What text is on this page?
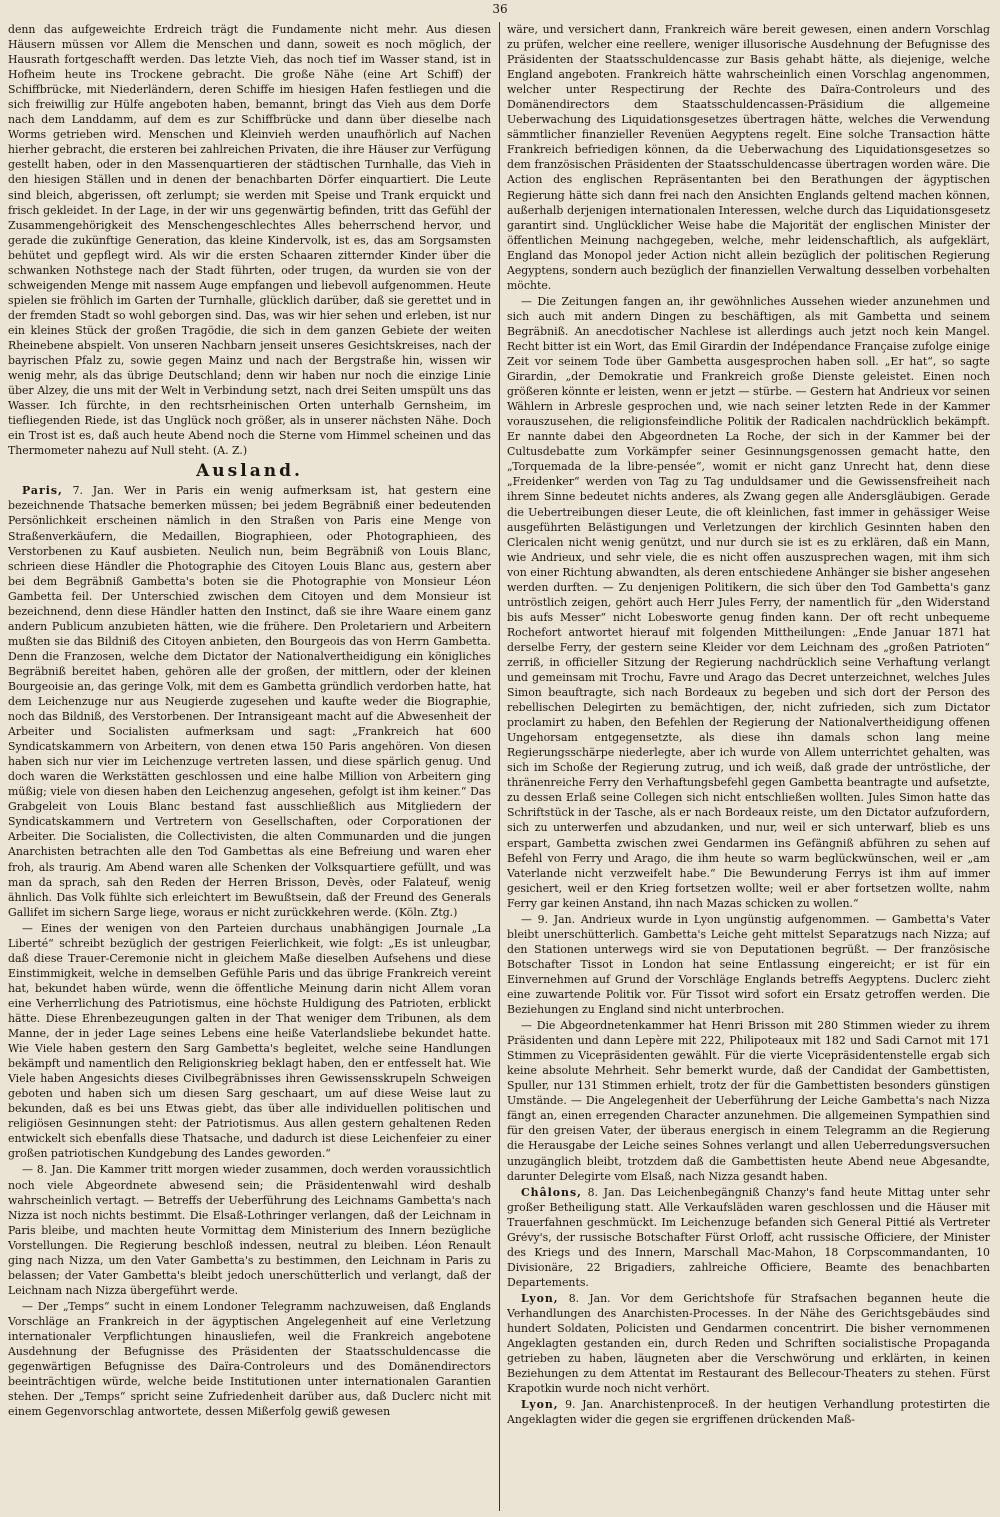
36

denn das aufgeweichte Erdreich trägt die Fundamente nicht mehr. Aus diesen Häusern müssen vor Allem die Menschen und dann, soweit es noch möglich, der Hausrath fortgeschafft werden. Das letzte Vieh, das noch tief im Wasser stand, ist in Hofheim heute ins Trockene gebracht. Die große Nähe (eine Art Schiff) der Schiffbrücke, mit Niederländern, deren Schiffe im hiesigen Hafen festliegen und die sich freiwillig zur Hülfe angeboten haben, bemannt, bringt das Vieh aus dem Dorfe nach dem Landdamm, auf dem es zur Schiffbrücke und dann über dieselbe nach Worms getrieben wird. Menschen und Kleinvieh werden unaufhörlich auf Nachen hierher gebracht, die ersteren bei zahlreichen Privaten, die ihre Häuser zur Verfügung gestellt haben, oder in den Massenquartieren der städtischen Turnhalle, das Vieh in den hiesigen Ställen und in denen der benachbarten Dörfer einquartiert. Die Leute sind bleich, abgerissen, oft zerlumpt; sie werden mit Speise und Trank erquickt und frisch gekleidet. In der Lage, in der wir uns gegenwärtig befinden, tritt das Gefühl der Zusammengehörigkeit des Menschengeschlechtes Alles beherrschend hervor, und gerade die zukünftige Generation, das kleine Kindervolk, ist es, das am Sorgsamsten behütet und gepflegt wird. Als wir die ersten Schaaren zitternder Kinder über die schwanken Nothstege nach der Stadt führten, oder trugen, da wurden sie von der schweigenden Menge mit nassem Auge empfangen und liebevoll aufgenommen. Heute spielen sie fröhlich im Garten der Turnhalle, glücklich darüber, daß sie gerettet und in der fremden Stadt so wohl geborgen sind. Das, was wir hier sehen und erleben, ist nur ein kleines Stück der großen Tragödie, die sich in dem ganzen Gebiete der weiten Rheinebene abspielt. Von unseren Nachbarn jenseit unseres Gesichtskreises, nach der bayrischen Pfalz zu, sowie gegen Mainz und nach der Bergstraße hin, wissen wir wenig mehr, als das übrige Deutschland; denn wir haben nur noch die einzige Linie über Alzey, die uns mit der Welt in Verbindung setzt, nach drei Seiten umspült uns das Wasser. Ich fürchte, in den rechtsrheinischen Orten unterhalb Gernsheim, im tiefliegenden Riede, ist das Unglück noch größer, als in unserer nächsten Nähe. Doch ein Trost ist es, daß auch heute Abend noch die Sterne vom Himmel scheinen und das Thermometer nahezu auf Null steht. (A. Z.)

Ausland.

Paris, 7. Jan. Wer in Paris ein wenig aufmerksam ist, hat gestern eine bezeichnende Thatsache bemerken müssen; bei jedem Begräbniß einer bedeutenden Persönlichkeit erscheinen nämlich in den Straßen von Paris eine Menge von Straßenverkäufern, die Medaillen, Biographieen, oder Photographieen, des Verstorbenen zu Kauf ausbieten. Neulich nun, beim Begräbniß von Louis Blanc, schrieen diese Händler die Photographie des Citoyen Louis Blanc aus, gestern aber bei dem Begräbniß Gambetta's boten sie die Photographie von Monsieur Léon Gambetta feil. Der Unterschied zwischen dem Citoyen und dem Monsieur ist bezeichnend, denn diese Händler hatten den Instinct, daß sie ihre Waare einem ganz andern Publicum anzubieten hätten, wie die frühere. Den Proletariern und Arbeitern mußten sie das Bildniß des Citoyen anbieten, den Bourgeois das von Herrn Gambetta. Denn die Franzosen, welche dem Dictator der Nationalvertheidigung ein königliches Begräbniß bereitet haben, gehören alle der großen, der mittlern, oder der kleinen Bourgeoisie an, das geringe Volk, mit dem es Gambetta gründlich verdorben hatte, hat dem Leichenzuge nur aus Neugierde zugesehen und kaufte weder die Biographie, noch das Bildniß, des Verstorbenen. Der Intransigeant macht auf die Abwesenheit der Arbeiter und Socialisten aufmerksam und sagt: „Frankreich hat 600 Syndicatskammern von Arbeitern, von denen etwa 150 Paris angehören. Von diesen haben sich nur vier im Leichenzuge vertreten lassen, und diese spärlich genug. Und doch waren die Werkstätten geschlossen und eine halbe Million von Arbeitern ging müßig; viele von diesen haben den Leichenzug angesehen, gefolgt ist ihm keiner.“ Das Grabgeleit von Louis Blanc bestand fast ausschließlich aus Mitgliedern der Syndicatskammern und Vertretern von Gesellschaften, oder Corporationen der Arbeiter. Die Socialisten, die Collectivisten, die alten Communarden und die jungen Anarchisten betrachten alle den Tod Gambettas als eine Befreiung und waren eher froh, als traurig. Am Abend waren alle Schenken der Volksquartiere gefüllt, und was man da sprach, sah den Reden der Herren Brisson, Devès, oder Falateuf, wenig ähnlich. Das Volk fühlte sich erleichtert im Bewußtsein, daß der Freund des Generals Gallifet im sichern Sarge liege, woraus er nicht zurückkehren werde. (Köln. Ztg.)

— Eines der wenigen von den Parteien durchaus unabhängigen Journale „La Liberté“ schreibt bezüglich der gestrigen Feierlichkeit, wie folgt: „Es ist unleugbar, daß diese Trauer-Ceremonie nicht in gleichem Maße dieselben Aufsehens und diese Einstimmigkeit, welche in demselben Gefühle Paris und das übrige Frankreich vereint hat, bekundet haben würde, wenn die öffentliche Meinung darin nicht Allem voran eine Verherrlichung des Patriotismus, eine höchste Huldigung des Patrioten, erblickt hätte. Diese Ehrenbezeugungen galten in der That weniger dem Tribunen, als dem Manne, der in jeder Lage seines Lebens eine heiße Vaterlandsliebe bekundet hatte. Wie Viele haben gestern den Sarg Gambetta's begleitet, welche seine Handlungen bekämpft und namentlich den Religionskrieg beklagt haben, den er entfesselt hat. Wie Viele haben Angesichts dieses Civilbegräbnisses ihren Gewissensskrupeln Schweigen geboten und haben sich um diesen Sarg geschaart, um auf diese Weise laut zu bekunden, daß es bei uns Etwas giebt, das über alle individuellen politischen und religiösen Gesinnungen steht: der Patriotismus. Aus allen gestern gehaltenen Reden entwickelt sich ebenfalls diese Thatsache, und dadurch ist diese Leichenfeier zu einer großen patriotischen Kundgebung des Landes geworden.“

— 8. Jan. Die Kammer tritt morgen wieder zusammen, doch werden voraussichtlich noch viele Abgeordnete abwesend sein; die Präsidentenwahl wird deshalb wahrscheinlich vertagt. — Betreffs der Ueberführung des Leichnams Gambetta's nach Nizza ist noch nichts bestimmt. Die Elsaß-Lothringer verlangen, daß der Leichnam in Paris bleibe, und machten heute Vormittag dem Ministerium des Innern bezügliche Vorstellungen. Die Regierung beschloß indessen, neutral zu bleiben. Léon Renault ging nach Nizza, um den Vater Gambetta's zu bestimmen, den Leichnam in Paris zu belassen; der Vater Gambetta's bleibt jedoch unerschütterlich und verlangt, daß der Leichnam nach Nizza übergeführt werde.

— Der „Temps“ sucht in einem Londoner Telegramm nachzuweisen, daß Englands Vorschläge an Frankreich in der ägyptischen Angelegenheit auf eine Verletzung internationaler Verpflichtungen hinausliefen, weil die Frankreich angebotene Ausdehnung der Befugnisse des Präsidenten der Staatsschuldencasse die gegenwärtigen Befugnisse des Daïra-Controleurs und des Domänendirectors beeinträchtigen würde, welche beide Institutionen unter internationalen Garantien stehen. Der „Temps“ spricht seine Zufriedenheit darüber aus, daß Duclerc nicht mit einem Gegenvorschlag antwortete, dessen Mißerfolg gewiß gewesen

wäre, und versichert dann, Frankreich wäre bereit gewesen, einen andern Vorschlag zu prüfen, welcher eine reellere, weniger illusorische Ausdehnung der Befugnisse des Präsidenten der Staatsschuldencasse zur Basis gehabt hätte, als diejenige, welche England angeboten. Frankreich hätte wahrscheinlich einen Vorschlag angenommen, welcher unter Respectirung der Rechte des Daïra-Controleurs und des Domänendirectors dem Staatsschuldencassen-Präsidium die allgemeine Ueberwachung des Liquidationsgesetzes übertragen hätte, welches die Verwendung sämmtlicher finanzieller Revenüen Aegyptens regelt. Eine solche Transaction hätte Frankreich befriedigen können, da die Ueberwachung des Liquidationsgesetzes so dem französischen Präsidenten der Staatsschuldencasse übertragen worden wäre. Die Action des englischen Repräsentanten bei den Berathungen der ägyptischen Regierung hätte sich dann frei nach den Ansichten Englands geltend machen können, außerhalb derjenigen internationalen Interessen, welche durch das Liquidationsgesetz garantirt sind. Unglücklicher Weise habe die Majorität der englischen Minister der öffentlichen Meinung nachgegeben, welche, mehr leidenschaftlich, als aufgeklärt, England das Monopol jeder Action nicht allein bezüglich der politischen Regierung Aegyptens, sondern auch bezüglich der finanziellen Verwaltung desselben vorbehalten möchte.

— Die Zeitungen fangen an, ihr gewöhnliches Aussehen wieder anzunehmen und sich auch mit andern Dingen zu beschäftigen, als mit Gambetta und seinem Begräbniß. An anecdotischer Nachlese ist allerdings auch jetzt noch kein Mangel. Recht bitter ist ein Wort, das Emil Girardin der Indépendance Française zufolge einige Zeit vor seinem Tode über Gambetta ausgesprochen haben soll. „Er hat“, so sagte Girardin, „der Demokratie und Frankreich große Dienste geleistet. Einen noch größeren könnte er leisten, wenn er jetzt — stürbe. — Gestern hat Andrieux vor seinen Wählern in Arbresle gesprochen und, wie nach seiner letzten Rede in der Kammer vorauszusehen, die religionsfeindliche Politik der Radicalen nachdrücklich bekämpft. Er nannte dabei den Abgeordneten La Roche, der sich in der Kammer bei der Cultusdebatte zum Vorkämpfer seiner Gesinnungsgenossen gemacht hatte, den „Torquemada de la libre-pensée“, womit er nicht ganz Unrecht hat, denn diese „Freidenker“ werden von Tag zu Tag unduldsamer und die Gewissensfreiheit nach ihrem Sinne bedeutet nichts anderes, als Zwang gegen alle Andersgläubigen. Gerade die Uebertreibungen dieser Leute, die oft kleinlichen, fast immer in gehässiger Weise ausgeführten Belästigungen und Verletzungen der kirchlich Gesinnten haben den Clericalen nicht wenig genützt, und nur durch sie ist es zu erklären, daß ein Mann, wie Andrieux, und sehr viele, die es nicht offen auszusprechen wagen, mit ihm sich von einer Richtung abwandten, als deren entschiedene Anhänger sie bisher angesehen werden durften. — Zu denjenigen Politikern, die sich über den Tod Gambetta's ganz untröstlich zeigen, gehört auch Herr Jules Ferry, der namentlich für „den Widerstand bis aufs Messer“ nicht Lobesworte genug finden kann. Der oft recht unbequeme Rochefort antwortet hierauf mit folgenden Mittheilungen: „Ende Januar 1871 hat derselbe Ferry, der gestern seine Kleider vor dem Leichnam des „großen Patrioten“ zerriß, in officieller Sitzung der Regierung nachdrücklich seine Verhaftung verlangt und gemeinsam mit Trochu, Favre und Arago das Decret unterzeichnet, welches Jules Simon beauftragte, sich nach Bordeaux zu begeben und sich dort der Person des rebellischen Delegirten zu bemächtigen, der, nicht zufrieden, sich zum Dictator proclamirt zu haben, den Befehlen der Regierung der Nationalvertheidigung offenen Ungehorsam entgegensetzte, als diese ihn damals schon lang meine Regierungsschärpe niederlegte, aber ich wurde von Allem unterrichtet gehalten, was sich im Schoße der Regierung zutrug, und ich weiß, daß grade der untröstliche, der thränenreiche Ferry den Verhaftungsbefehl gegen Gambetta beantragte und aufsetzte, zu dessen Erlaß seine Collegen sich nicht entschließen wollten. Jules Simon hatte das Schriftstück in der Tasche, als er nach Bordeaux reiste, um den Dictator aufzufordern, sich zu unterwerfen und abzudanken, und nur, weil er sich unterwarf, blieb es uns erspart, Gambetta zwischen zwei Gendarmen ins Gefängniß abführen zu sehen auf Befehl von Ferry und Arago, die ihm heute so warm beglückwünschen, weil er „am Vaterlande nicht verzweifelt habe.“ Die Bewunderung Ferrys ist ihm auf immer gesichert, weil er den Krieg fortsetzen wollte; weil er aber fortsetzen wollte, nahm Ferry gar keinen Anstand, ihn nach Mazas schicken zu wollen.“

— 9. Jan. Andrieux wurde in Lyon ungünstig aufgenommen. — Gambetta's Vater bleibt unerschütterlich. Gambetta's Leiche geht mittelst Separatzugs nach Nizza; auf den Stationen unterwegs wird sie von Deputationen begrüßt. — Der französische Botschafter Tissot in London hat seine Entlassung eingereicht; er ist für ein Einvernehmen auf Grund der Vorschläge Englands betreffs Aegyptens. Duclerc zieht eine zuwartende Politik vor. Für Tissot wird sofort ein Ersatz getroffen werden. Die Beziehungen zu England sind nicht unterbrochen.

— Die Abgeordnetenkammer hat Henri Brisson mit 280 Stimmen wieder zu ihrem Präsidenten und dann Lepère mit 222, Philipoteaux mit 182 und Sadi Carnot mit 171 Stimmen zu Vicepräsidenten gewählt. Für die vierte Vicepräsidentenstelle ergab sich keine absolute Mehrheit. Sehr bemerkt wurde, daß der Candidat der Gambettisten, Spuller, nur 131 Stimmen erhielt, trotz der für die Gambettisten besonders günstigen Umstände. — Die Angelegenheit der Ueberführung der Leiche Gambetta's nach Nizza fängt an, einen erregenden Character anzunehmen. Die allgemeinen Sympathien sind für den greisen Vater, der überaus energisch in einem Telegramm an die Regierung die Herausgabe der Leiche seines Sohnes verlangt und allen Ueberredungsversuchen unzugänglich bleibt, trotzdem daß die Gambettisten heute Abend neue Abgesandte, darunter Delegirte vom Elsaß, nach Nizza gesandt haben.

Châlons, 8. Jan. Das Leichenbegängniß Chanzy's fand heute Mittag unter sehr großer Betheiligung statt. Alle Verkaufsläden waren geschlossen und die Häuser mit Trauerfahnen geschmückt. Im Leichenzuge befanden sich General Pittié als Vertreter Grévy's, der russische Botschafter Fürst Orloff, acht russische Officiere, der Minister des Kriegs und des Innern, Marschall Mac-Mahon, 18 Corpscommandanten, 10 Divisionäre, 22 Brigadiers, zahlreiche Officiere, Beamte des benachbarten Departements.

Lyon, 8. Jan. Vor dem Gerichtshofe für Strafsachen begannen heute die Verhandlungen des Anarchisten-Processes. In der Nähe des Gerichtsgebäudes sind hundert Soldaten, Policisten und Gendarmen concentrirt. Die bisher vernommenen Angeklagten gestanden ein, durch Reden und Schriften socialistische Propaganda getrieben zu haben, läugneten aber die Verschwörung und erklärten, in keinen Beziehungen zu dem Attentat im Restaurant des Bellecour-Theaters zu stehen. Fürst Krapotkin wurde noch nicht verhört.

Lyon, 9. Jan. Anarchistenproceß. In der heutigen Verhandlung protestirten die Angeklagten wider die gegen sie ergriffenen drückenden Maß-
